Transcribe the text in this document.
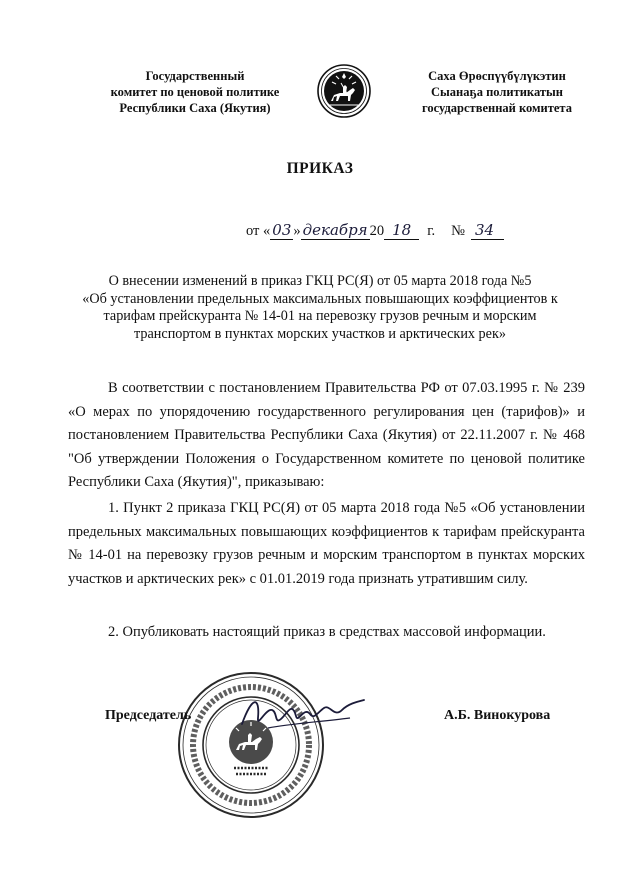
Государственный
комитет по ценовой политике
Республики Саха (Якутия)
Саха Өрөспүүбүлүкэтин
Сыанаҕа политикатын
государственнай комитета
ПРИКАЗ
от « 03 » декабря 20 18	г. № 34
О внесении изменений в приказ ГКЦ РС(Я) от 05 марта 2018 года №5
«Об установлении предельных максимальных повышающих коэффициентов к
тарифам прейскуранта № 14-01 на перевозку грузов речным и морским
транспортом в пунктах морских участков и арктических рек»
В соответствии с постановлением Правительства РФ от 07.03.1995 г. № 239 «О мерах по упорядочению государственного регулирования цен (тарифов)» и постановлением Правительства Республики Саха (Якутия) от 22.11.2007 г. № 468 "Об утверждении Положения о Государственном комитете по ценовой политике Республики Саха (Якутия)", приказываю:
1. Пункт 2 приказа ГКЦ РС(Я) от 05 марта 2018 года №5 «Об установлении предельных максимальных повышающих коэффициентов к тарифам прейскуранта № 14-01 на перевозку грузов речным и морским транспортом в пунктах морских участков и арктических рек» с 01.01.2019 года признать утратившим силу.
2. Опубликовать настоящий приказ в средствах массовой информации.
Председатель	А.Б. Винокурова
